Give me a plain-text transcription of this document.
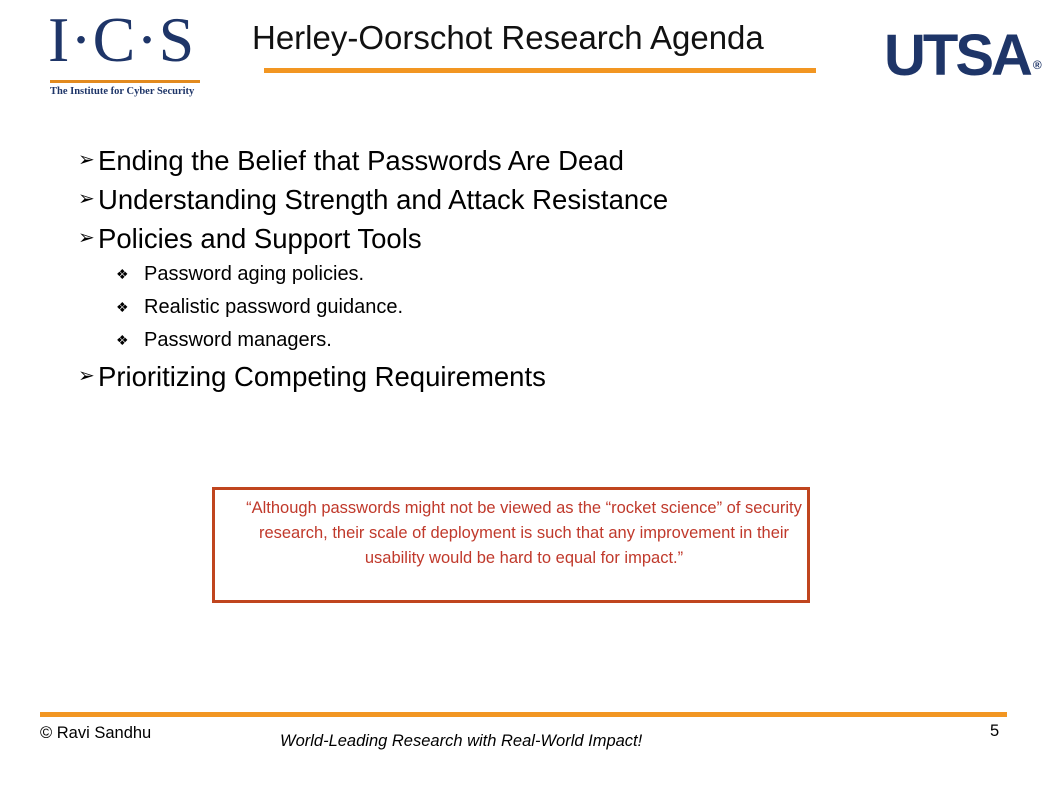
I·C·S
The Institute for Cyber Security
Herley-Oorschot Research Agenda UTSA ®
➢ Ending the Belief that Passwords Are Dead
➢ Understanding Strength and Attack Resistance
➢ Policies and Support Tools
❖ Password aging policies.
❖ Realistic password guidance.
❖ Password managers.
➢ Prioritizing Competing Requirements
“Although passwords might not be viewed as the “rocket science” of security research, their scale of deployment is such that any improvement in their usability would be hard to equal for impact.”
© Ravi Sandhu	World-Leading Research with Real-World Impact!
5
